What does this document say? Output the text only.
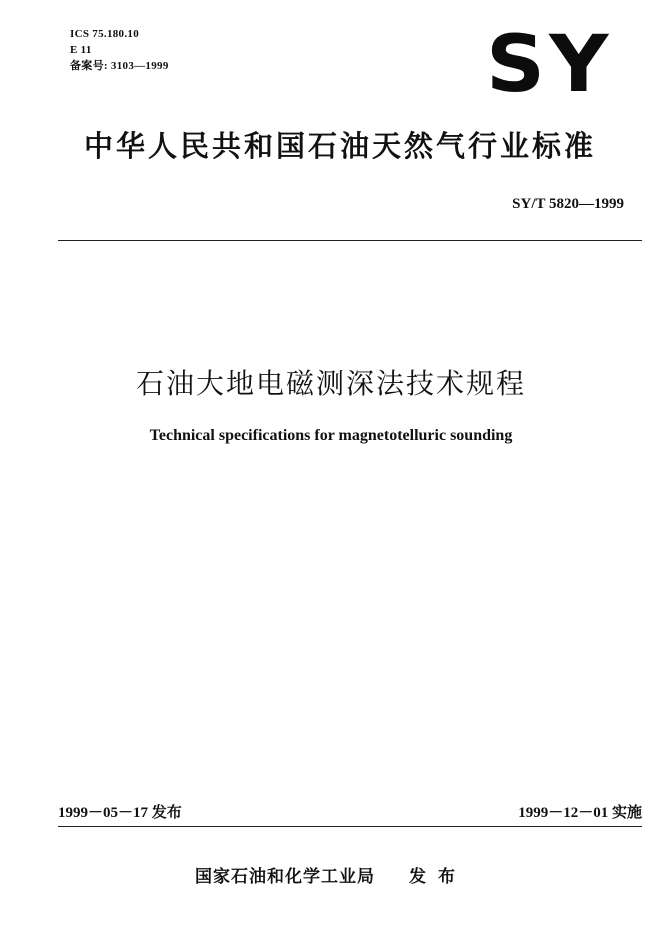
ICS 75.180.10
E 11
备案号: 3103—1999	SY
中华人民共和国石油天然气行业标准
SY/T 5820—1999
石油大地电磁测深法技术规程
Technical specifications for magnetotelluric sounding
1999－05－17 发布	1999－12－01 实施
国家石油和化学工业局 发布
